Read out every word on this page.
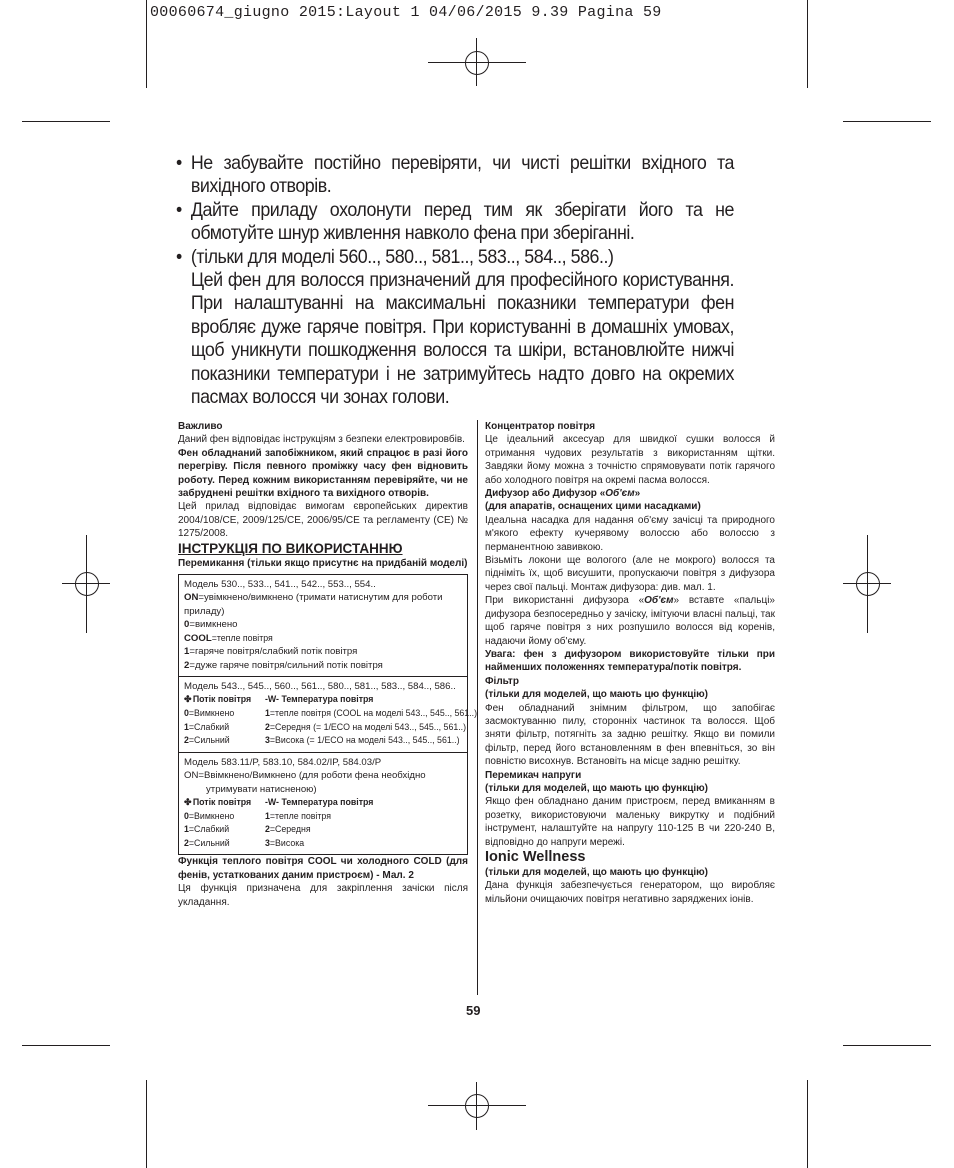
00060674_giugno 2015:Layout 1 04/06/2015 9.39 Pagina 59
• Не забувайте постійно перевіряти, чи чисті решітки вхідного та вихідного отворів.

• Дайте приладу охолонути перед тим як зберігати його та не обмотуйте шнур живлення навколо фена при зберіганні.

• (тільки для моделі 560.., 580.., 581.., 583.., 584.., 586..)

Цей фен для волосся призначений для професійного користування. При налаштуванні на максимальні показники температури фен вробляє дуже гаряче повітря. При користуванні в домашніх умовах, щоб уникнути пошкодження волосся та шкіри, встановлюйте нижчі показники температури і не затримуйтесь надто довго на окремих пасмах волосся чи зонах голови.

Важливо

Даний фен відповідає інструкціям з безпеки електровировбів.

Фен обладнаний запобіжником, який спрацює в разі його перегріву. Після певного проміжку часу фен відновить роботу. Перед кожним використанням перевіряйте, чи не забруднені решітки вхідного та вихідного отворів.

Цей прилад відповідає вимогам європейських директив 2004/108/CE, 2009/125/CE, 2006/95/CE та регламенту (CE) № 1275/2008.

ІНСТРУКЦІЯ ПО ВИКОРИСТАННЮ

Перемикання (тільки якщо присутнє на придбаній моделі)

Модель 530.., 533.., 541.., 542.., 553.., 554..
ON=увімкнено/вимкнено (тримати натиснутим для роботи приладу)
0=вимкнено
COOL=тепле повітря
1=гаряче повітря/слабкий потік повітря
2=дуже гаряче повітря/сильний потік повітря
Модель 543.., 545.., 560.., 561.., 580.., 581.., 583.., 584.., 586..
✤ Потік повітря	-W- Температура повітря
0=Вимкнено	1=тепле повітря (COOL на моделі 543.., 545.., 561..)
1=Слабкий	2=Середня (= 1/ECO на моделі 543.., 545.., 561..)
2=Сильний	3=Висока (= 1/ECO на моделі 543.., 545.., 561..)
Модель 583.11/P, 583.10, 584.02/IP, 584.03/P
ON=Ввімкнено/Вимкнено (для роботи фена необхідно
утримувати натисненою)
✤ Потік повітря	-W- Температура повітря
0=Вимкнено	1=тепле повітря
1=Слабкий	2=Середня
2=Сильний	3=Висока

Функція теплого повітря COOL чи холодного COLD (для фенів, устаткованих даним пристроєм) - Мал. 2

Ця функція призначена для закріплення зачіски після укладання.

Концентратор повітря

Це ідеальний аксесуар для швидкої сушки волосся й отримання чудових результатів з використанням щітки. Завдяки йому можна з точністю спрямовувати потік гарячого або холодного повітря на окремі пасма волосся.

Дифузор або Дифузор «Об'єм»

(для апаратів, оснащених цими насадками)

Ідеальна насадка для надання об'єму зачісці та природного м'якого ефекту кучерявому волоссю або волоссю з перманентною завивкою.

Візьміть локони ще вологого (але не мокрого) волосся та підніміть їх, щоб висушити, пропускаючи повітря з дифузора через свої пальці. Монтаж дифузора: див. мал. 1.

При використанні дифузора «Об'єм» вставте «пальці» дифузора безпосередньо у зачіску, імітуючи власні пальці, так щоб гаряче повітря з них розпушило волосся від коренів, надаючи йому об'єму.

Увага: фен з дифузором використовуйте тільки при найменших положеннях температура/потік повітря.

Фільтр

(тільки для моделей, що мають цю функцію)

Фен обладнаний знімним фільтром, що запобігає засмоктуванню пилу, сторонніх частинок та волосся. Щоб зняти фільтр, потягніть за задню решітку. Якщо ви помили фільтр, перед його встановленням в фен впевніться, зо він повністю висохнув. Встановіть на місце задню решітку.

Перемикач напруги

(тільки для моделей, що мають цю функцію)

Якщо фен обладнано даним пристроєм, перед вмиканням в розетку, використовуючи маленьку викрутку и подібний інструмент, налаштуйте на напругу 110-125 В чи 220-240 В, відповідно до напруги мережі.

Ionic Wellness

(тільки для моделей, що мають цю функцію)

Дана функція забезпечується генератором, що виробляє мільйони очищаючих повітря негативно заряджених іонів.

59
